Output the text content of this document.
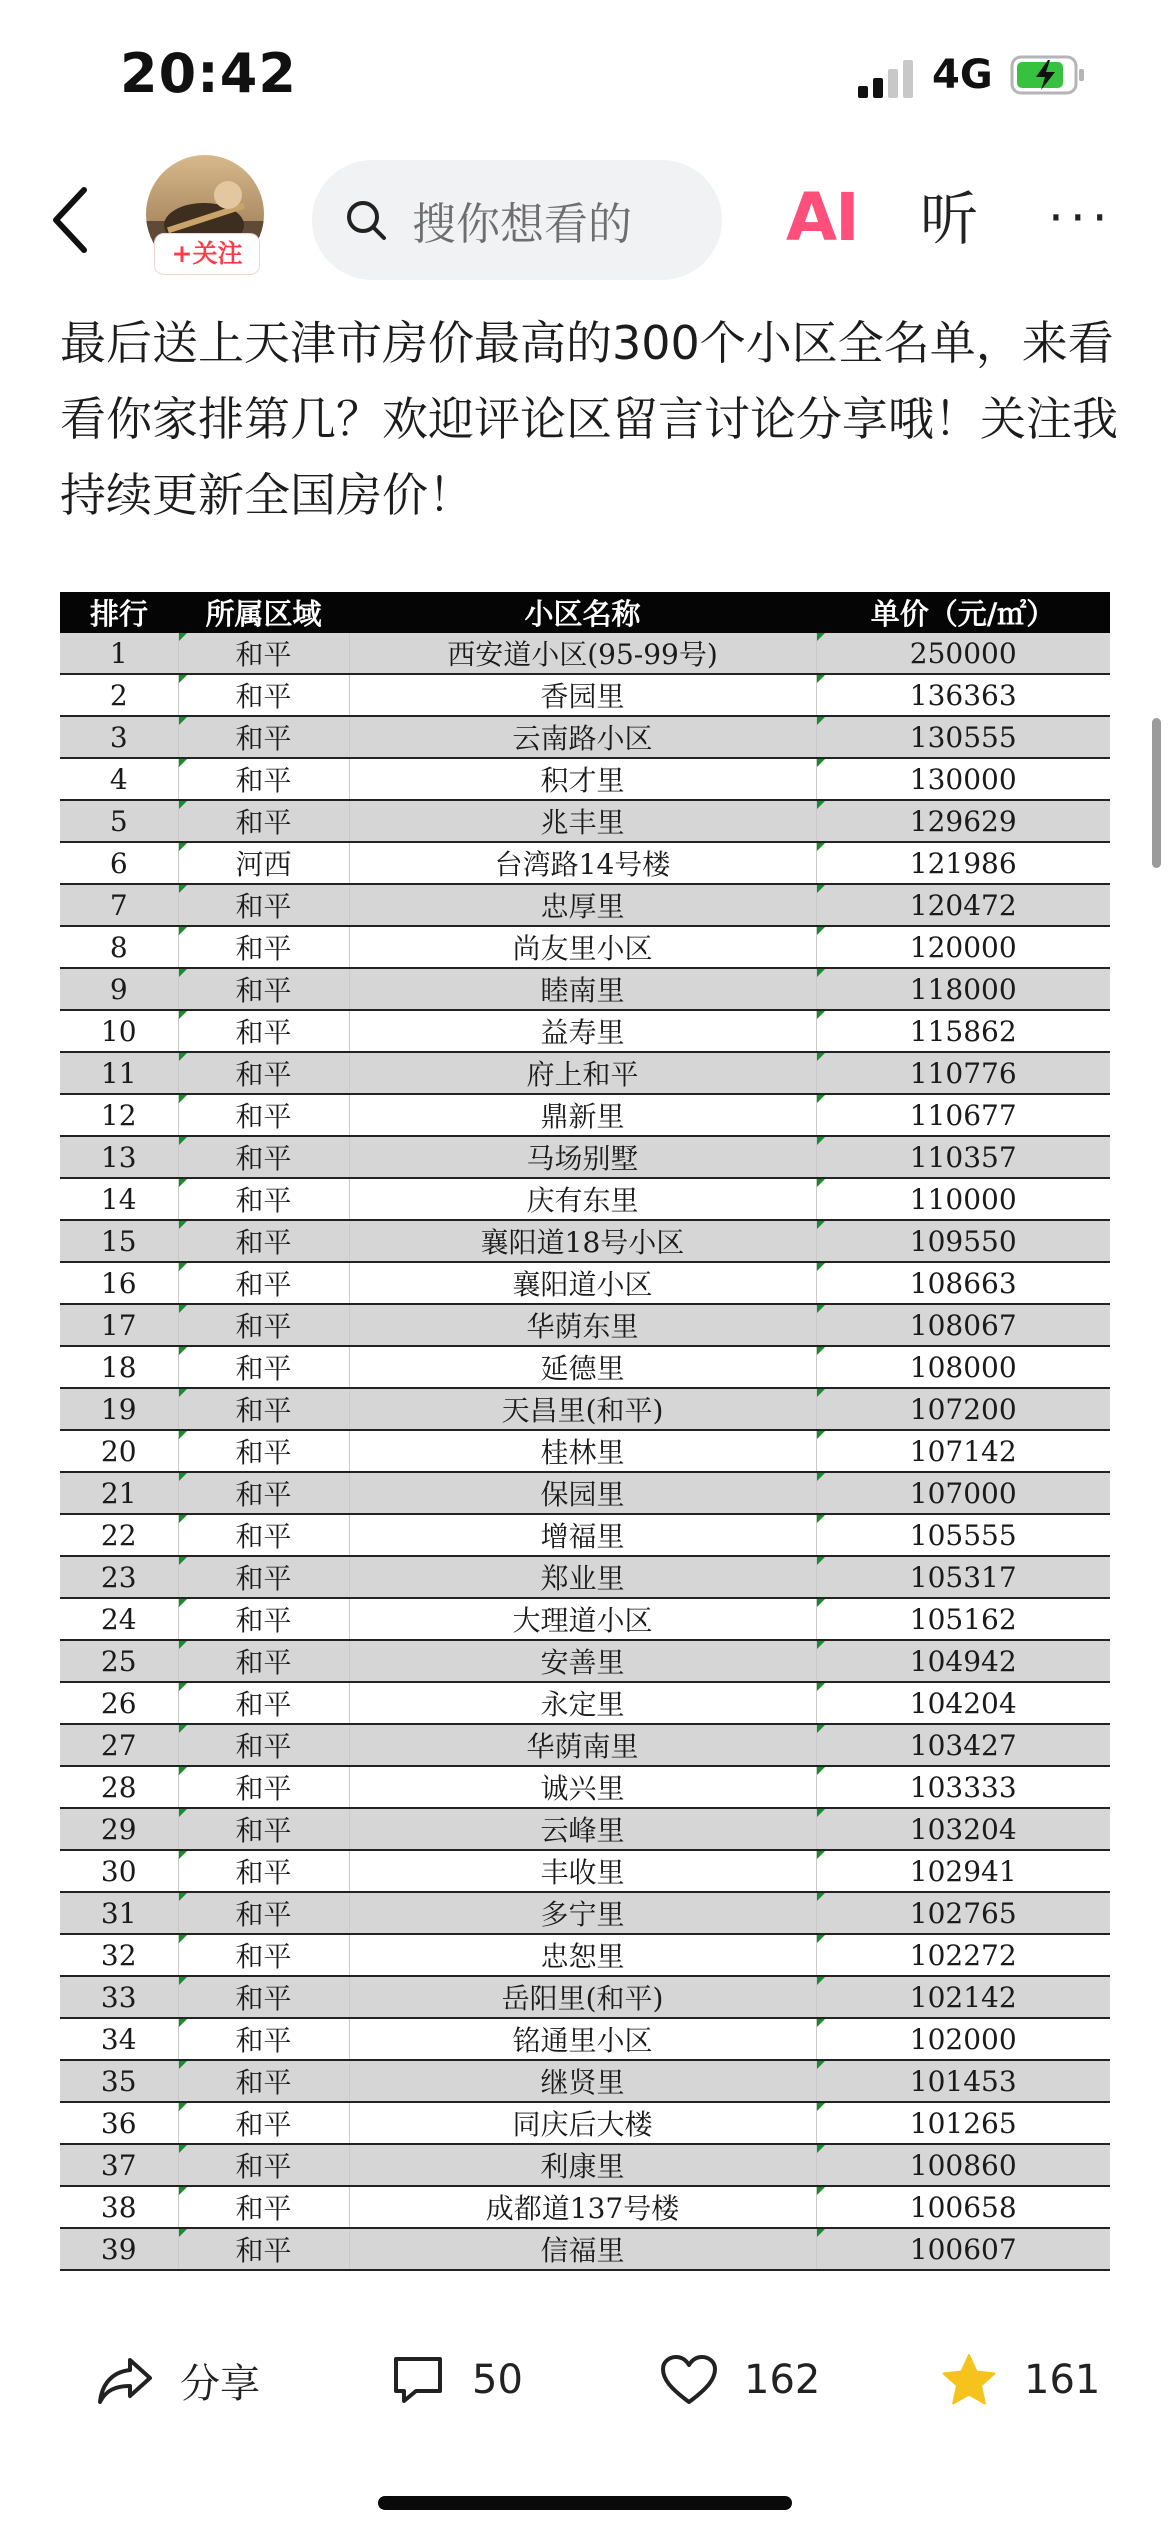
20:42	4G
+关注
搜你想看的 AI 听 ···
最后送上天津市房价最高的300个小区全名单，来看看你家排第几？欢迎评论区留言讨论分享哦！关注我持续更新全国房价！
排行	所属区域	小区名称	单价（元/㎡）
1	和平	西安道小区(95-99号)	250000
2	和平	香园里	136363
3	和平	云南路小区	130555
4	和平	积才里	130000
5	和平	兆丰里	129629
6	河西	台湾路14号楼	121986
7	和平	忠厚里	120472
8	和平	尚友里小区	120000
9	和平	睦南里	118000
10	和平	益寿里	115862
11	和平	府上和平	110776
12	和平	鼎新里	110677
13	和平	马场别墅	110357
14	和平	庆有东里	110000
15	和平	襄阳道18号小区	109550
16	和平	襄阳道小区	108663
17	和平	华荫东里	108067
18	和平	延德里	108000
19	和平	天昌里(和平)	107200
20	和平	桂林里	107142
21	和平	保园里	107000
22	和平	增福里	105555
23	和平	郑业里	105317
24	和平	大理道小区	105162
25	和平	安善里	104942
26	和平	永定里	104204
27	和平	华荫南里	103427
28	和平	诚兴里	103333
29	和平	云峰里	103204
30	和平	丰收里	102941
31	和平	多宁里	102765
32	和平	忠恕里	102272
33	和平	岳阳里(和平)	102142
34	和平	铭通里小区	102000
35	和平	继贤里	101453
36	和平	同庆后大楼	101265
37	和平	利康里	100860
38	和平	成都道137号楼	100658
39	和平	信福里	100607
分享	50	162	161
